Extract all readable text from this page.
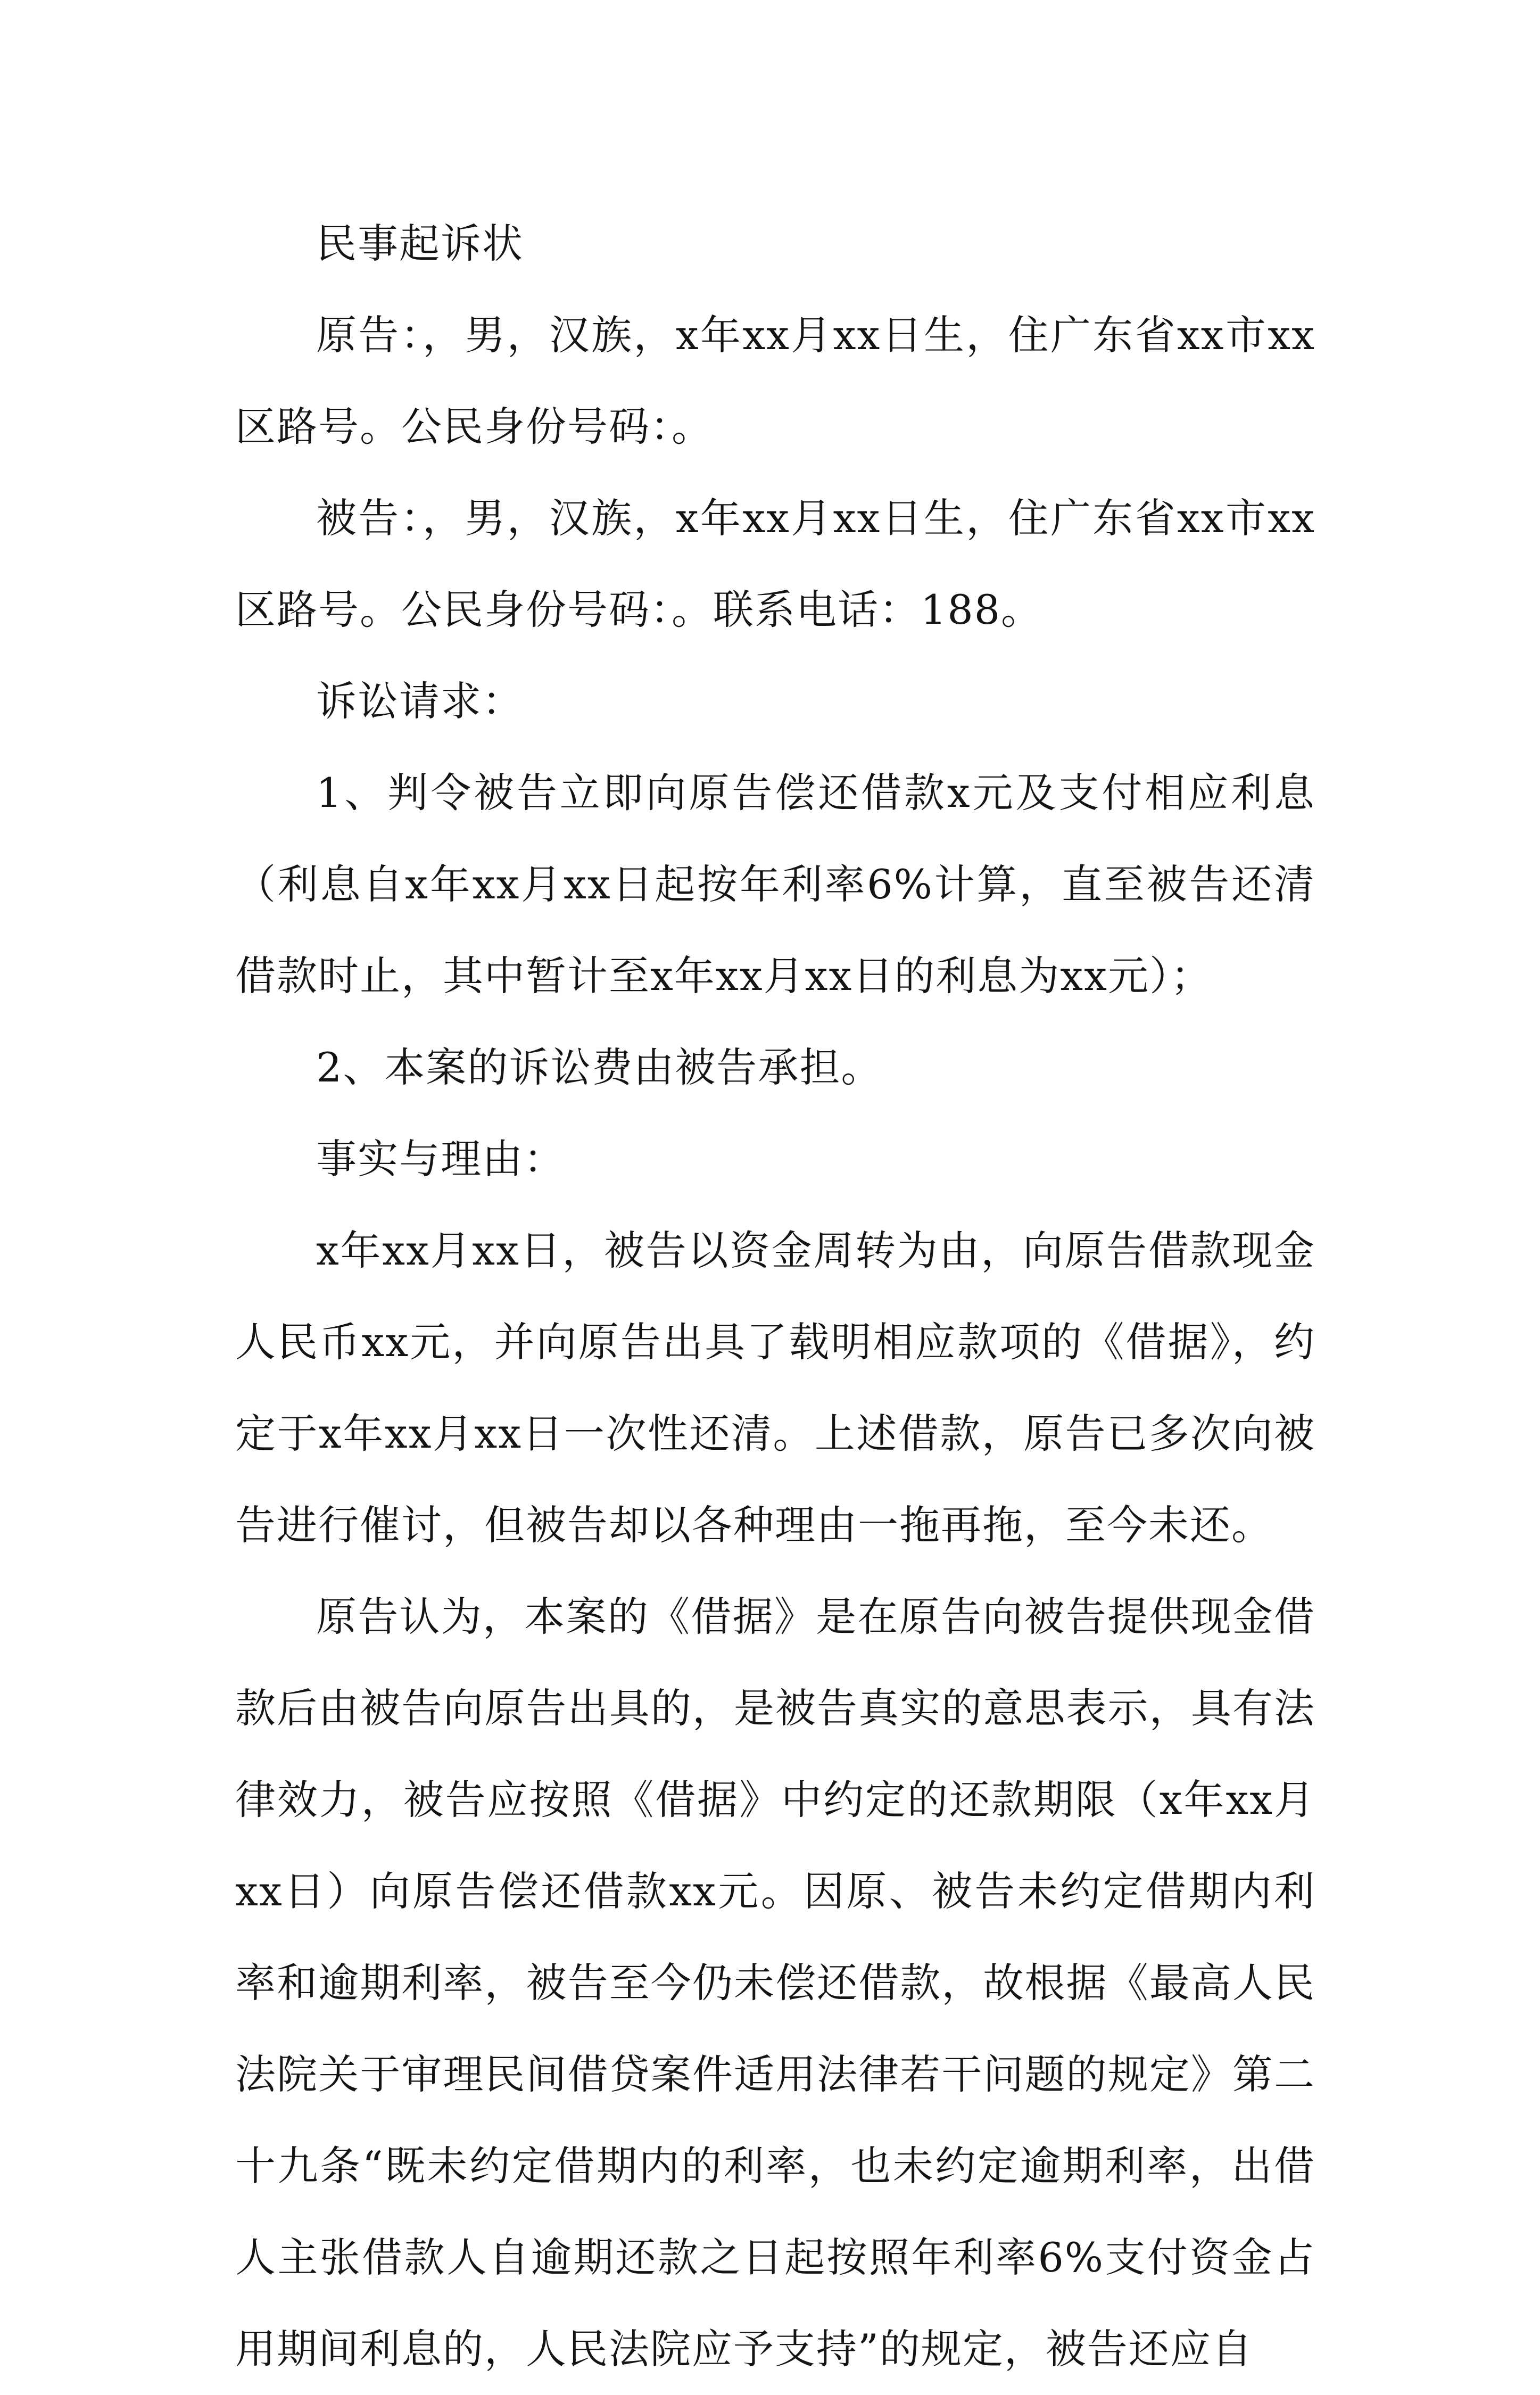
民事起诉状

原告：，男，汉族，x年xx月xx日生，住广东省xx市xx区路号。公民身份号码：。

被告：，男，汉族，x年xx月xx日生，住广东省xx市xx区路号。公民身份号码：。联系电话：188。

诉讼请求：

1、判令被告立即向原告偿还借款x元及支付相应利息（利息自x年xx月xx日起按年利率6%计算，直至被告还清借款时止，其中暂计至x年xx月xx日的利息为xx元）；

2、本案的诉讼费由被告承担。

事实与理由：

x年xx月xx日，被告以资金周转为由，向原告借款现金人民币xx元，并向原告出具了载明相应款项的《借据》，约定于x年xx月xx日一次性还清。上述借款，原告已多次向被告进行催讨，但被告却以各种理由一拖再拖，至今未还。

原告认为，本案的《借据》是在原告向被告提供现金借款后由被告向原告出具的，是被告真实的意思表示，具有法律效力，被告应按照《借据》中约定的还款期限（x年xx月xx日）向原告偿还借款xx元。因原、被告未约定借期内利率和逾期利率，被告至今仍未偿还借款，故根据《最高人民法院关于审理民间借贷案件适用法律若干问题的规定》第二十九条“既未约定借期内的利率，也未约定逾期利率，出借人主张借款人自逾期还款之日起按照年利率6%支付资金占用期间利息的，人民法院应予支持”的规定，被告还应自
